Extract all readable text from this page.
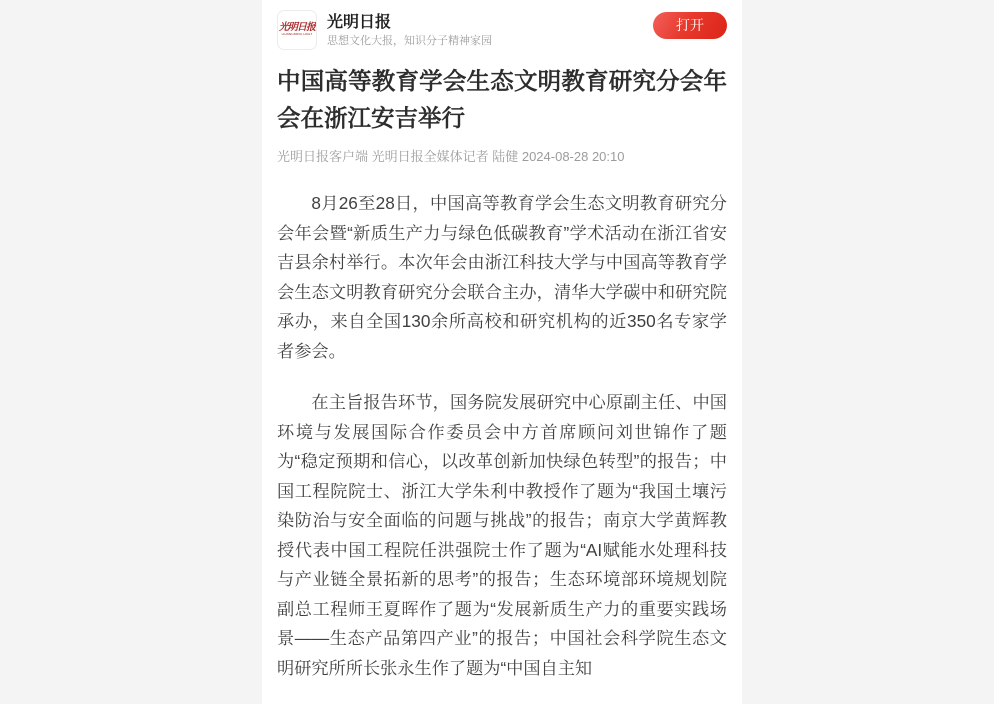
光明日报
GUANGMING DAILY
光明日报
思想文化大报，知识分子精神家园
打开
中国高等教育学会生态文明教育研究分会年会在浙江安吉举行
光明日报客户端 光明日报全媒体记者 陆健 2024-08-28 20:10

8月26至28日，中国高等教育学会生态文明教育研究分会年会暨“新质生产力与绿色低碳教育”学术活动在浙江省安吉县余村举行。本次年会由浙江科技大学与中国高等教育学会生态文明教育研究分会联合主办，清华大学碳中和研究院承办，来自全国130余所高校和研究机构的近350名专家学者参会。

在主旨报告环节，国务院发展研究中心原副主任、中国环境与发展国际合作委员会中方首席顾问刘世锦作了题为“稳定预期和信心，以改革创新加快绿色转型”的报告；中国工程院院士、浙江大学朱利中教授作了题为“我国土壤污染防治与安全面临的问题与挑战”的报告；南京大学黄辉教授代表中国工程院任洪强院士作了题为“AI赋能水处理科技与产业链全景拓新的思考”的报告；生态环境部环境规划院副总工程师王夏晖作了题为“发展新质生产力的重要实践场景——生态产品第四产业”的报告；中国社会科学院生态文明研究所所长张永生作了题为“中国自主知
